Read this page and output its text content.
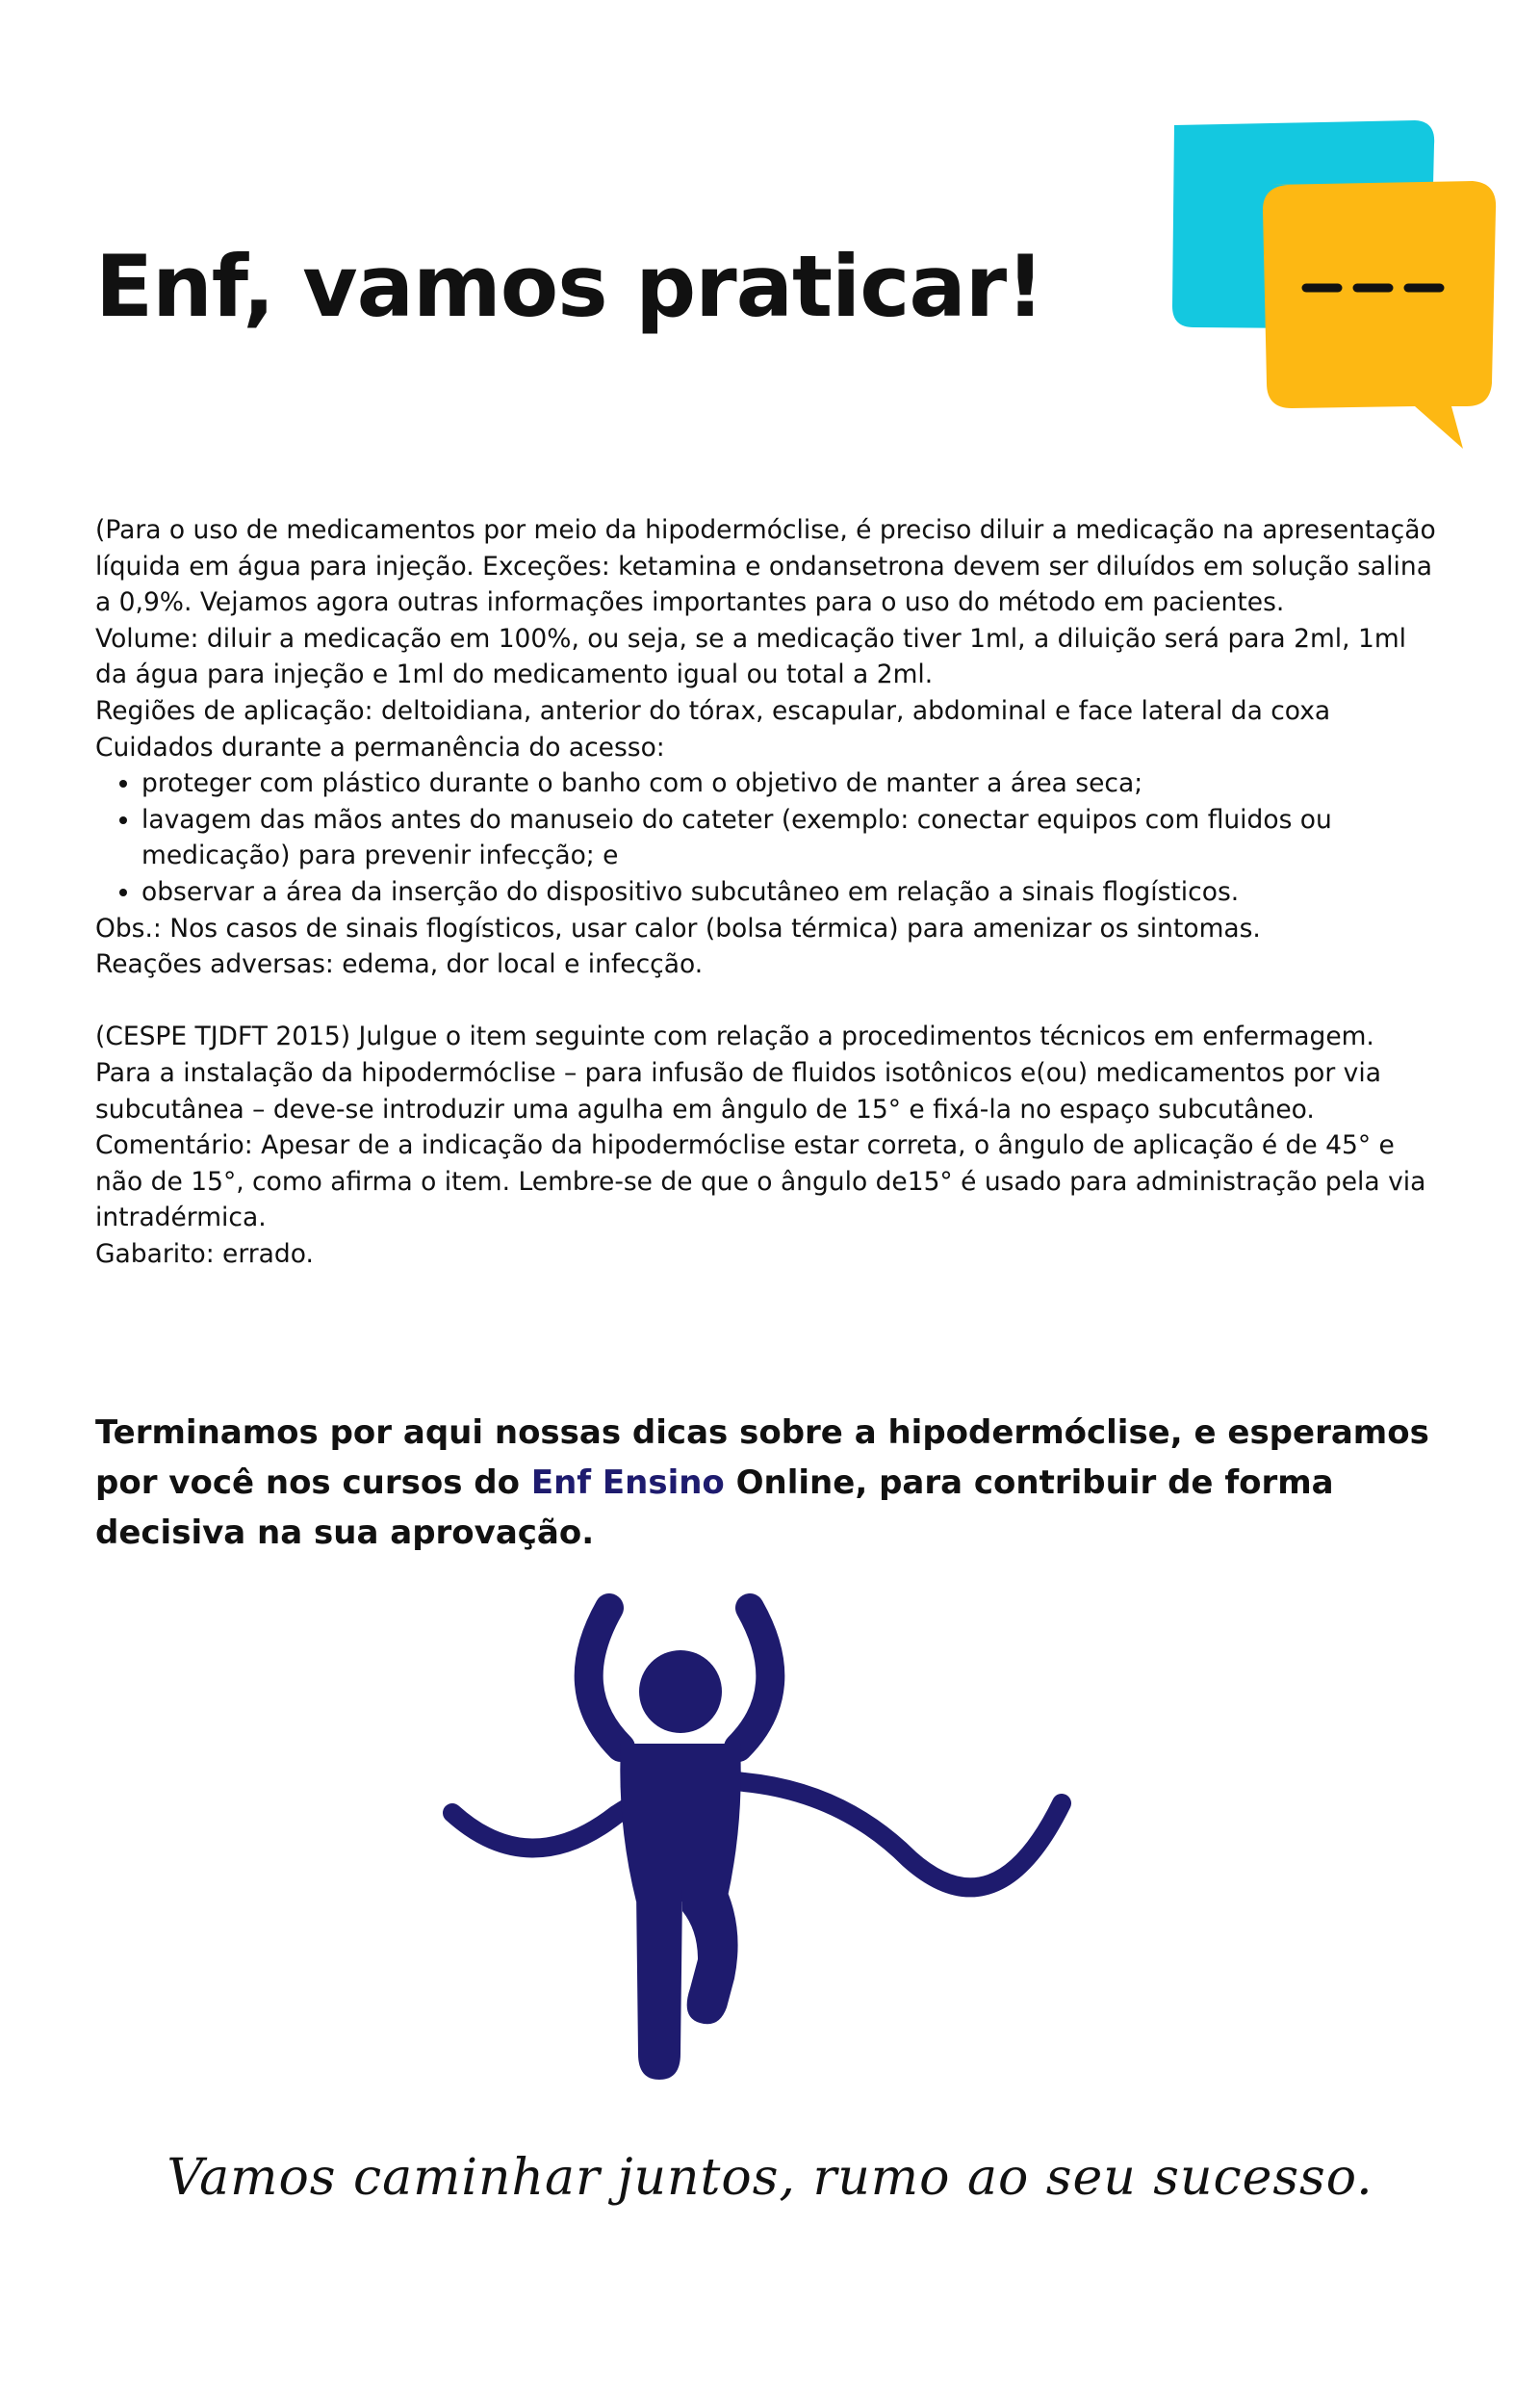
Enf, vamos praticar!

(Para o uso de medicamentos por meio da hipodermóclise, é preciso diluir a medicação na apresentação líquida em água para injeção. Exceções: ketamina e ondansetrona devem ser diluídos em solução salina a 0,9%. Vejamos agora outras informações importantes para o uso do método em pacientes.

Volume: diluir a medicação em 100%, ou seja, se a medicação tiver 1ml, a diluição será para 2ml, 1ml da água para injeção e 1ml do medicamento igual ou total a 2ml.

Regiões de aplicação: deltoidiana, anterior do tórax, escapular, abdominal e face lateral da coxa

Cuidados durante a permanência do acesso:

• proteger com plástico durante o banho com o objetivo de manter a área seca;
• lavagem das mãos antes do manuseio do cateter (exemplo: conectar equipos com fluidos ou medicação) para prevenir infecção; e
• observar a área da inserção do dispositivo subcutâneo em relação a sinais flogísticos.

Obs.: Nos casos de sinais flogísticos, usar calor (bolsa térmica) para amenizar os sintomas.

Reações adversas: edema, dor local e infecção.

(CESPE TJDFT 2015) Julgue o item seguinte com relação a procedimentos técnicos em enfermagem.

Para a instalação da hipodermóclise – para infusão de fluidos isotônicos e(ou) medicamentos por via subcutânea – deve-se introduzir uma agulha em ângulo de 15° e fixá-la no espaço subcutâneo.

Comentário: Apesar de a indicação da hipodermóclise estar correta, o ângulo de aplicação é de 45° e não de 15°, como afirma o item. Lembre-se de que o ângulo de15° é usado para administração pela via intradérmica.

Gabarito: errado.

Terminamos por aqui nossas dicas sobre a hipodermóclise, e esperamos por você nos cursos do Enf Ensino Online, para contribuir de forma decisiva na sua aprovação.

Vamos caminhar juntos, rumo ao seu sucesso.
